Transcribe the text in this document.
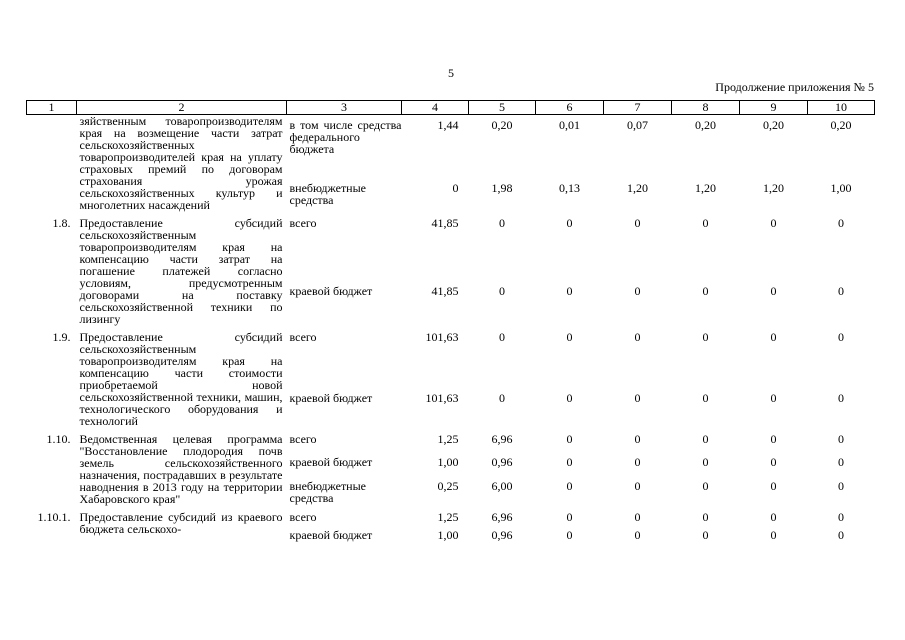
5
Продолжение приложения № 5
1	2	3	4	5	6	7	8	9	10
	зяйственным товаропроизводителям края на возмещение части затрат сельскохозяйственных товаропроизводителей края на уплату страховых премий по договорам страхования урожая сельскохозяйственных культур и многолетних насаждений	в том числе средства федерального бюджета	1,44	0,20	0,01	0,07	0,20	0,20	0,20
		внебюджетные средства	0	1,98	0,13	1,20	1,20	1,20	1,00
1.8.	Предоставление субсидий сельскохозяйственным товаропроизводителям края на компенсацию части затрат на погашение платежей согласно условиям, предусмотренным договорами на поставку сельскохозяйственной техники по лизингу	всего	41,85	0	0	0	0	0	0
		краевой бюджет	41,85	0	0	0	0	0	0
1.9.	Предоставление субсидий сельскохозяйственным товаропроизводителям края на компенсацию части стоимости приобретаемой новой сельскохозяйственной техники, машин, технологического оборудования и технологий	всего	101,63	0	0	0	0	0	0
		краевой бюджет	101,63	0	0	0	0	0	0
1.10.	Ведомственная целевая программа "Восстановление плодородия почв земель сельскохозяйственного назначения, пострадавших в результате наводнения в 2013 году на территории Хабаровского края"	всего	1,25	6,96	0	0	0	0	0
		краевой бюджет	1,00	0,96	0	0	0	0	0
		внебюджетные средства	0,25	6,00	0	0	0	0	0
1.10.1.	Предоставление субсидий из краевого бюджета сельскохо-	всего	1,25	6,96	0	0	0	0	0
		краевой бюджет	1,00	0,96	0	0	0	0	0
